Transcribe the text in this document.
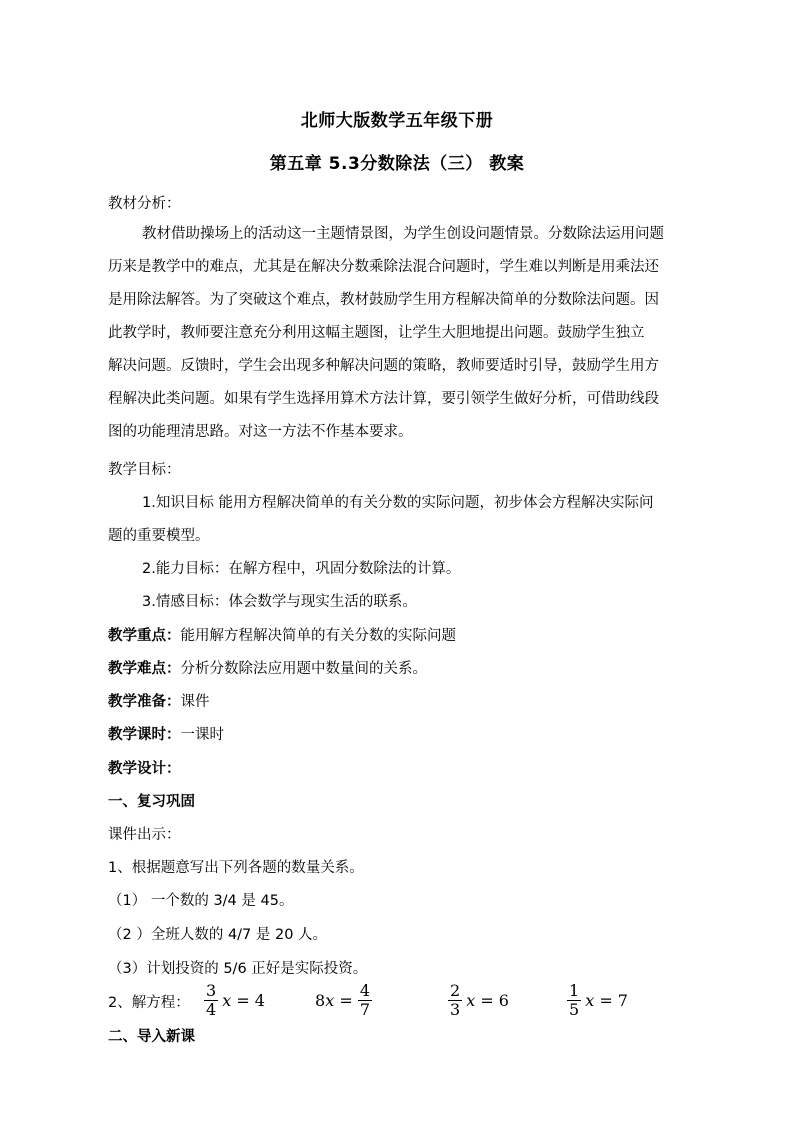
北师大版数学五年级下册
第五章 5.3分数除法（三） 教案
教材分析：
教材借助操场上的活动这一主题情景图，为学生创设问题情景。分数除法运用问题
历来是教学中的难点，尤其是在解决分数乘除法混合问题时，学生难以判断是用乘法还
是用除法解答。为了突破这个难点，教材鼓励学生用方程解决简单的分数除法问题。因
此教学时，教师要注意充分利用这幅主题图，让学生大胆地提出问题。鼓励学生独立
解决问题。反馈时，学生会出现多种解决问题的策略，教师要适时引导，鼓励学生用方
程解决此类问题。如果有学生选择用算术方法计算，要引领学生做好分析，可借助线段
图的功能理清思路。对这一方法不作基本要求。
教学目标：
1.知识目标 能用方程解决简单的有关分数的实际问题，初步体会方程解决实际问
题的重要模型。
2.能力目标：在解方程中，巩固分数除法的计算。
3.情感目标：体会数学与现实生活的联系。
教学重点：能用解方程解决简单的有关分数的实际问题
教学难点：分析分数除法应用题中数量间的关系。
教学准备：课件
教学课时：一课时
教学设计：
一、复习巩固
课件出示：
1、根据题意写出下列各题的数量关系。
（1） 一个数的 3/4 是 45。
（2 ）全班人数的 4/7 是 20 人。
（3）计划投资的 5/6 正好是实际投资。
2、解方程： $\frac{3}{4}$ x
= 4	8 x
=
$\frac{4}{7}$	$\frac{2}{3}$ x
= 6	$\frac{1}{5}$ x
= 7
二、导入新课
